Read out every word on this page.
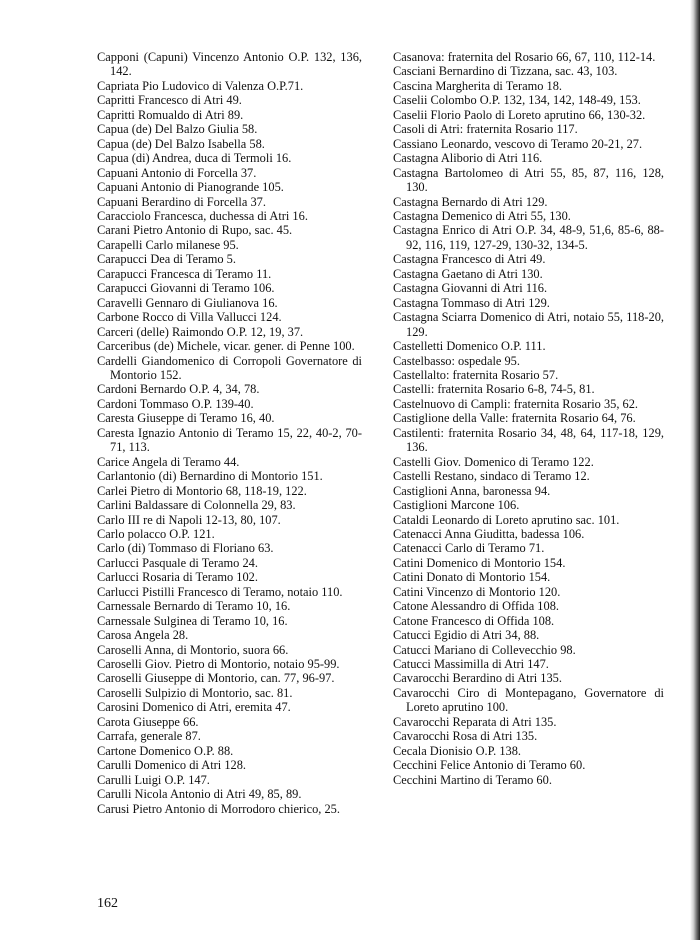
Capponi (Capuni) Vincenzo Antonio O.P. 132, 136, 142.

Capriata Pio Ludovico di Valenza O.P.71.

Capritti Francesco di Atri 49.

Capritti Romualdo di Atri 89.

Capua (de) Del Balzo Giulia 58.

Capua (de) Del Balzo Isabella 58.

Capua (di) Andrea, duca di Termoli 16.

Capuani Antonio di Forcella 37.

Capuani Antonio di Pianogrande 105.

Capuani Berardino di Forcella 37.

Caracciolo Francesca, duchessa di Atri 16.

Carani Pietro Antonio di Rupo, sac. 45.

Carapelli Carlo milanese 95.

Carapucci Dea di Teramo 5.

Carapucci Francesca di Teramo 11.

Carapucci Giovanni di Teramo 106.

Caravelli Gennaro di Giulianova 16.

Carbone Rocco di Villa Vallucci 124.

Carceri (delle) Raimondo O.P. 12, 19, 37.

Carceribus (de) Michele, vicar. gener. di Penne 100.

Cardelli Giandomenico di Corropoli Governatore di Montorio 152.

Cardoni Bernardo O.P. 4, 34, 78.

Cardoni Tommaso O.P. 139-40.

Caresta Giuseppe di Teramo 16, 40.

Caresta Ignazio Antonio di Teramo 15, 22, 40-2, 70-71, 113.

Carice Angela di Teramo 44.

Carlantonio (di) Bernardino di Montorio 151.

Carlei Pietro di Montorio 68, 118-19, 122.

Carlini Baldassare di Colonnella 29, 83.

Carlo III re di Napoli 12-13, 80, 107.

Carlo polacco O.P. 121.

Carlo (di) Tommaso di Floriano 63.

Carlucci Pasquale di Teramo 24.

Carlucci Rosaria di Teramo 102.

Carlucci Pistilli Francesco di Teramo, notaio 110.

Carnessale Bernardo di Teramo 10, 16.

Carnessale Sulginea di Teramo 10, 16.

Carosa Angela 28.

Caroselli Anna, di Montorio, suora 66.

Caroselli Giov. Pietro di Montorio, notaio 95-99.

Caroselli Giuseppe di Montorio, can. 77, 96-97.

Caroselli Sulpizio di Montorio, sac. 81.

Carosini Domenico di Atri, eremita 47.

Carota Giuseppe 66.

Carrafa, generale 87.

Cartone Domenico O.P. 88.

Carulli Domenico di Atri 128.

Carulli Luigi O.P. 147.

Carulli Nicola Antonio di Atri 49, 85, 89.

Carusi Pietro Antonio di Morrodoro chierico, 25.

Casanova: fraternita del Rosario 66, 67, 110, 112-14.

Casciani Bernardino di Tizzana, sac. 43, 103.

Cascina Margherita di Teramo 18.

Caselii Colombo O.P. 132, 134, 142, 148-49, 153.

Caselii Florio Paolo di Loreto aprutino 66, 130-32.

Casoli di Atri: fraternita Rosario 117.

Cassiano Leonardo, vescovo di Teramo 20-21, 27.

Castagna Aliborio di Atri 116.

Castagna Bartolomeo di Atri 55, 85, 87, 116, 128, 130.

Castagna Bernardo di Atri 129.

Castagna Demenico di Atri 55, 130.

Castagna Enrico di Atri O.P. 34, 48-9, 51,6, 85-6, 88-92, 116, 119, 127-29, 130-32, 134-5.

Castagna Francesco di Atri 49.

Castagna Gaetano di Atri 130.

Castagna Giovanni di Atri 116.

Castagna Tommaso di Atri 129.

Castagna Sciarra Domenico di Atri, notaio 55, 118-20, 129.

Castelletti Domenico O.P. 111.

Castelbasso: ospedale 95.

Castellalto: fraternita Rosario 57.

Castelli: fraternita Rosario 6-8, 74-5, 81.

Castelnuovo di Campli: fraternita Rosario 35, 62.

Castiglione della Valle: fraternita Rosario 64, 76.

Castilenti: fraternita Rosario 34, 48, 64, 117-18, 129, 136.

Castelli Giov. Domenico di Teramo 122.

Castelli Restano, sindaco di Teramo 12.

Castiglioni Anna, baronessa 94.

Castiglioni Marcone 106.

Cataldi Leonardo di Loreto aprutino sac. 101.

Catenacci Anna Giuditta, badessa 106.

Catenacci Carlo di Teramo 71.

Catini Domenico di Montorio 154.

Catini Donato di Montorio 154.

Catini Vincenzo di Montorio 120.

Catone Alessandro di Offida 108.

Catone Francesco di Offida 108.

Catucci Egidio di Atri 34, 88.

Catucci Mariano di Collevecchio 98.

Catucci Massimilla di Atri 147.

Cavarocchi Berardino di Atri 135.

Cavarocchi Ciro di Montepagano, Governatore di Loreto aprutino 100.

Cavarocchi Reparata di Atri 135.

Cavarocchi Rosa di Atri 135.

Cecala Dionisio O.P. 138.

Cecchini Felice Antonio di Teramo 60.

Cecchini Martino di Teramo 60.

162
